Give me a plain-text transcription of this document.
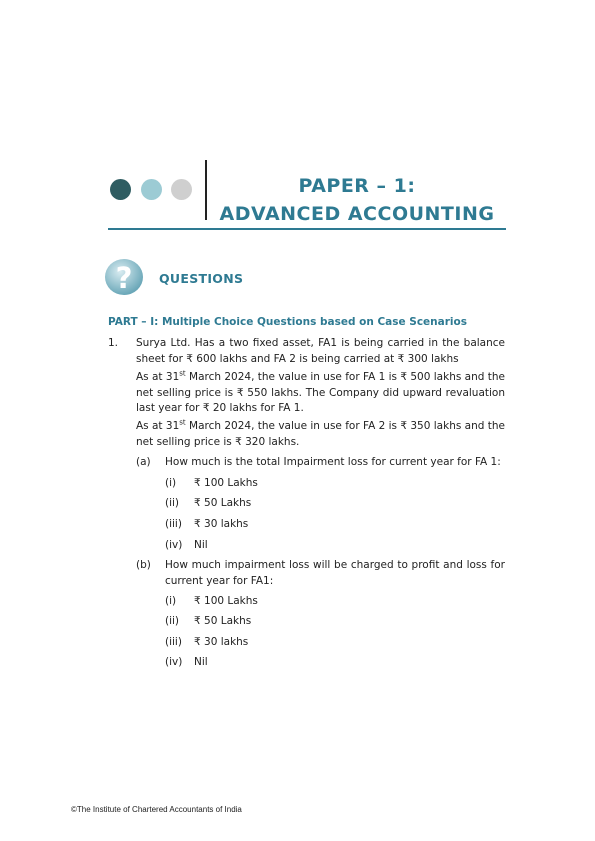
PAPER – 1:
ADVANCED ACCOUNTING
? QUESTIONS
PART – I: Multiple Choice Questions based on Case Scenarios
1. Surya Ltd. Has a two fixed asset, FA1 is being carried in the balance sheet for ₹ 600 lakhs and FA 2 is being carried at ₹ 300 lakhs
As at 31st March 2024, the value in use for FA 1 is ₹ 500 lakhs and the net selling price is ₹ 550 lakhs. The Company did upward revaluation last year for ₹ 20 lakhs for FA 1.
As at 31st March 2024, the value in use for FA 2 is ₹ 350 lakhs and the net selling price is ₹ 320 lakhs.
(a) How much is the total Impairment loss for current year for FA 1:
(i) ₹ 100 Lakhs
(ii) ₹ 50 Lakhs
(iii) ₹ 30 lakhs
(iv) Nil
(b) How much impairment loss will be charged to profit and loss for current year for FA1:
(i) ₹ 100 Lakhs
(ii) ₹ 50 Lakhs
(iii) ₹ 30 lakhs
(iv) Nil
©The Institute of Chartered Accountants of India
